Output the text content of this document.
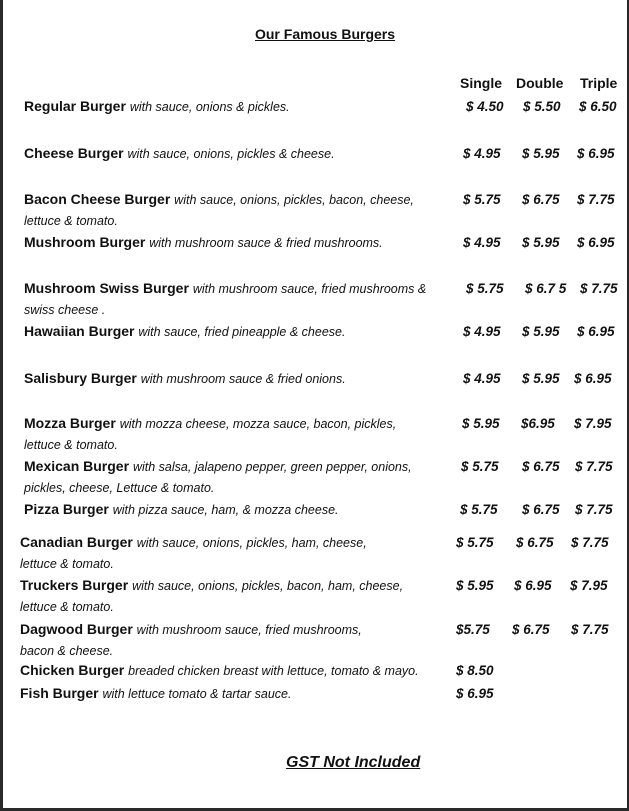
Our Famous Burgers
Single Double Triple
Regular Burger with sauce, onions & pickles.	$ 4.50 $ 5.50 $ 6.50
Cheese Burger with sauce, onions, pickles & cheese.	$ 4.95 $ 5.95 $ 6.95
Bacon Cheese Burger with sauce, onions, pickles, bacon, cheese,
lettuce & tomato.
$ 5.75 $ 6.75 $ 7.75
Mushroom Burger with mushroom sauce & fried mushrooms.	$ 4.95 $ 5.95 $ 6.95
Mushroom Swiss Burger with mushroom sauce, fried mushrooms &
swiss cheese .
$ 5.75 $ 6.7 5 $ 7.75
Hawaiian Burger with sauce, fried pineapple & cheese.	$ 4.95 $ 5.95 $ 6.95
Salisbury Burger with mushroom sauce & fried onions.	$ 4.95 $ 5.95 $ 6.95
Mozza Burger with mozza cheese, mozza sauce, bacon, pickles,
lettuce & tomato.
$ 5.95 $6.95 $ 7.95
Mexican Burger with salsa, jalapeno pepper, green pepper, onions,
pickles, cheese, Lettuce & tomato.
$ 5.75 $ 6.75 $ 7.75
Pizza Burger with pizza sauce, ham, & mozza cheese.	$ 5.75 $ 6.75 $ 7.75
Canadian Burger with sauce, onions, pickles, ham, cheese,
lettuce & tomato.
$ 5.75 $ 6.75 $ 7.75
Truckers Burger with sauce, onions, pickles, bacon, ham, cheese,
lettuce & tomato.
$ 5.95 $ 6.95 $ 7.95
Dagwood Burger with mushroom sauce, fried mushrooms,
bacon & cheese.
$5.75 $ 6.75 $ 7.75
Chicken Burger breaded chicken breast with lettuce, tomato & mayo.	$ 8.50
Fish Burger with lettuce tomato & tartar sauce.	$ 6.95
GST Not Included
